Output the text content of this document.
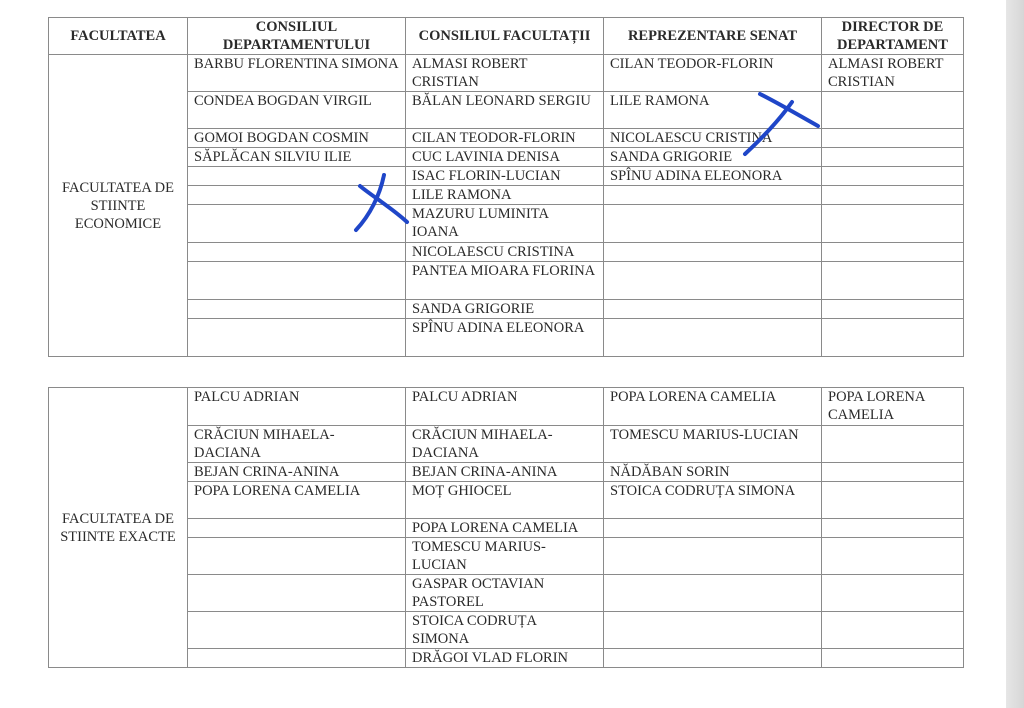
FACULTATEA	CONSILIUL DEPARTAMENTULUI	CONSILIUL FACULTAȚII	REPREZENTARE SENAT	DIRECTOR DE DEPARTAMENT
FACULTATEA DE STIINTE ECONOMICE	BARBU FLORENTINA SIMONA	ALMASI ROBERT CRISTIAN	CILAN TEODOR-FLORIN	ALMASI ROBERT CRISTIAN
	CONDEA BOGDAN VIRGIL	BĂLAN LEONARD SERGIU	LILE RAMONA	
	GOMOI BOGDAN COSMIN	CILAN TEODOR-FLORIN	NICOLAESCU CRISTINA	
	SĂPLĂCAN SILVIU ILIE	CUC LAVINIA DENISA	SANDA GRIGORIE	
		ISAC FLORIN-LUCIAN	SPÎNU ADINA ELEONORA	
		LILE RAMONA		
		MAZURU LUMINITA IOANA		
		NICOLAESCU CRISTINA		
		PANTEA MIOARA FLORINA		
		SANDA GRIGORIE		
		SPÎNU ADINA ELEONORA		
FACULTATEA DE STIINTE EXACTE	PALCU ADRIAN	PALCU ADRIAN	POPA LORENA CAMELIA	POPA LORENA CAMELIA
	CRĂCIUN MIHAELA-DACIANA	CRĂCIUN MIHAELA-DACIANA	TOMESCU MARIUS-LUCIAN	
	BEJAN CRINA-ANINA	BEJAN CRINA-ANINA	NĂDĂBAN SORIN	
	POPA LORENA CAMELIA	MOȚ GHIOCEL	STOICA CODRUȚA SIMONA	
		POPA LORENA CAMELIA		
		TOMESCU MARIUS-LUCIAN		
		GASPAR OCTAVIAN PASTOREL		
		STOICA CODRUȚA SIMONA		
		DRĂGOI VLAD FLORIN		
